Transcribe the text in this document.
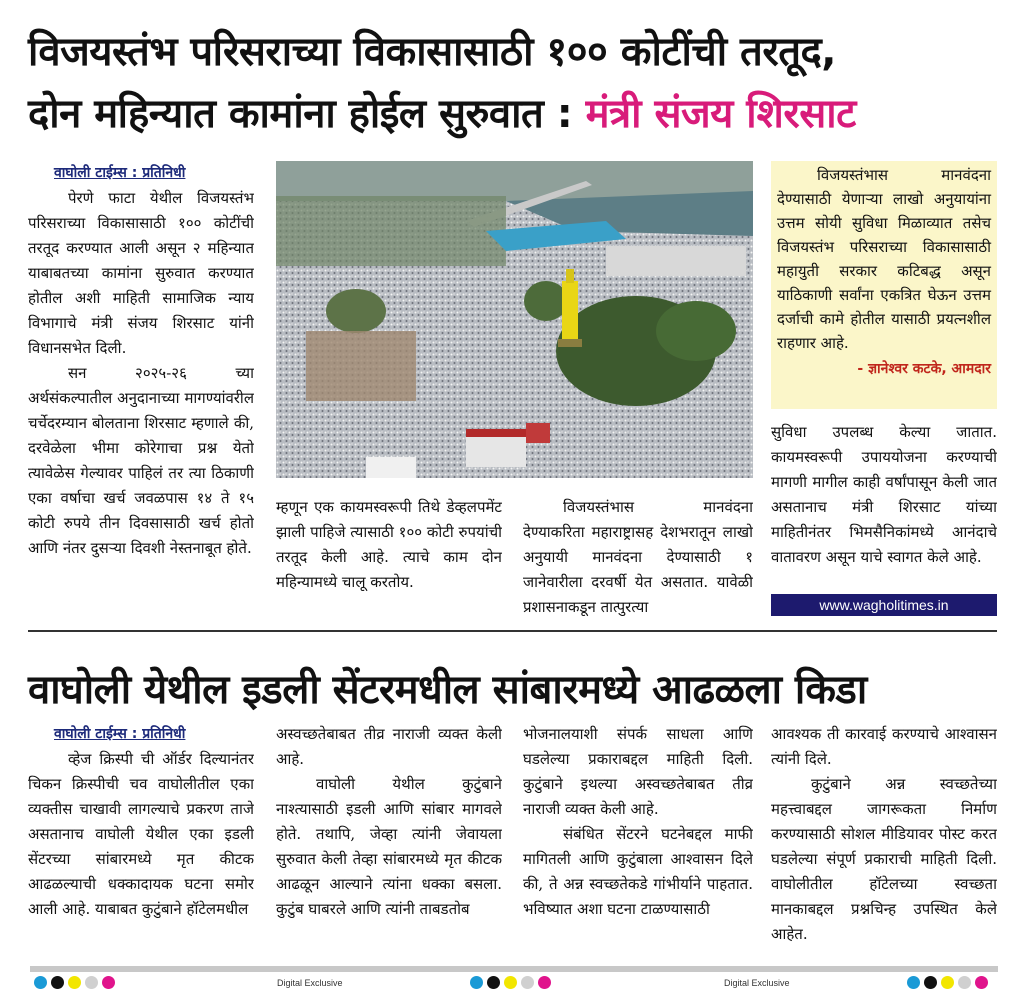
विजयस्तंभ परिसराच्या विकासासाठी १०० कोटींची तरतूद,
दोन महिन्यात कामांना होईल सुरुवात : मंत्री संजय शिरसाट
वाघोली टाईम्स : प्रतिनिधी

पेरणे फाटा येथील विजयस्तंभ परिसराच्या विकासासाठी १०० कोटींची तरतूद करण्यात आली असून २ महिन्यात याबाबतच्या कामांना सुरुवात करण्यात होतील अशी माहिती सामाजिक न्याय विभागाचे मंत्री संजय शिरसाट यांनी विधानसभेत दिली.

सन २०२५-२६ च्या अर्थसंकल्पातील अनुदानाच्या मागण्यांवरील चर्चेदरम्यान बोलताना शिरसाट म्हणाले की, दरवेळेला भीमा कोरेगाचा प्रश्न येतो त्यावेळेस गेल्यावर पाहिलं तर त्या ठिकाणी एका वर्षाचा खर्च जवळपास १४ ते १५ कोटी रुपये तीन दिवसासाठी खर्च होतो आणि नंतर दुसऱ्या दिवशी नेस्तनाबूत होते.

विजयस्तंभास मानवंदना देण्यासाठी येणाऱ्या लाखो अनुयायांना उत्तम सोयी सुविधा मिळाव्यात तसेच विजयस्तंभ परिसराच्या विकासासाठी महायुती सरकार कटिबद्ध असून याठिकाणी सर्वांना एकत्रित घेऊन उत्तम दर्जाची कामे होतील यासाठी प्रयत्नशील राहणार आहे.

- ज्ञानेश्वर कटके, आमदार

म्हणून एक कायमस्वरूपी तिथे डेव्हलपमेंट झाली पाहिजे त्यासाठी १०० कोटी रुपयांची तरतूद केली आहे. त्याचे काम दोन महिन्यामध्ये चालू करतोय.

विजयस्तंभास मानवंदना देण्याकरिता महाराष्ट्रासह देशभरातून लाखो अनुयायी मानवंदना देण्यासाठी १ जानेवारीला दरवर्षी येत असतात. यावेळी प्रशासनाकडून तात्पुरत्या

सुविधा उपलब्ध केल्या जातात. कायमस्वरूपी उपाययोजना करण्याची मागणी मागील काही वर्षांपासून केली जात असतानाच मंत्री शिरसाट यांच्या माहितीनंतर भिमसैनिकांमध्ये आनंदाचे वातावरण असून याचे स्वागत केले आहे.

www.wagholitimes.in
वाघोली येथील इडली सेंटरमधील सांबारमध्ये आढळला किडा
वाघोली टाईम्स : प्रतिनिधी

व्हेज क्रिस्पी ची ऑर्डर दिल्यानंतर चिकन क्रिस्पीची चव वाघोलीतील एका व्यक्तीस चाखावी लागल्याचे प्रकरण ताजे असतानाच वाघोली येथील एका इडली सेंटरच्या सांबारमध्ये मृत कीटक आढळल्याची धक्कादायक घटना समोर आली आहे. याबाबत कुटुंबाने हॉटेलमधील

अस्वच्छतेबाबत तीव्र नाराजी व्यक्त केली आहे.

वाघोली येथील कुटुंबाने नाश्त्यासाठी इडली आणि सांबार मागवले होते. तथापि, जेव्हा त्यांनी जेवायला सुरुवात केली तेव्हा सांबारमध्ये मृत कीटक आढळून आल्याने त्यांना धक्का बसला. कुटुंब घाबरले आणि त्यांनी ताबडतोब

भोजनालयाशी संपर्क साधला आणि घडलेल्या प्रकाराबद्दल माहिती दिली. कुटुंबाने इथल्या अस्वच्छतेबाबत तीव्र नाराजी व्यक्त केली आहे.

संबंधित सेंटरने घटनेबद्दल माफी मागितली आणि कुटुंबाला आश्वासन दिले की, ते अन्न स्वच्छतेकडे गांभीर्याने पाहतात. भविष्यात अशा घटना टाळण्यासाठी

आवश्यक ती कारवाई करण्याचे आश्वासन त्यांनी दिले.

कुटुंबाने अन्न स्वच्छतेच्या महत्त्वाबद्दल जागरूकता निर्माण करण्यासाठी सोशल मीडियावर पोस्ट करत घडलेल्या संपूर्ण प्रकाराची माहिती दिली. वाघोलीतील हॉटेलच्या स्वच्छता मानकाबद्दल प्रश्नचिन्ह उपस्थित केले आहेत.

Digital Exclusive	Digital Exclusive
